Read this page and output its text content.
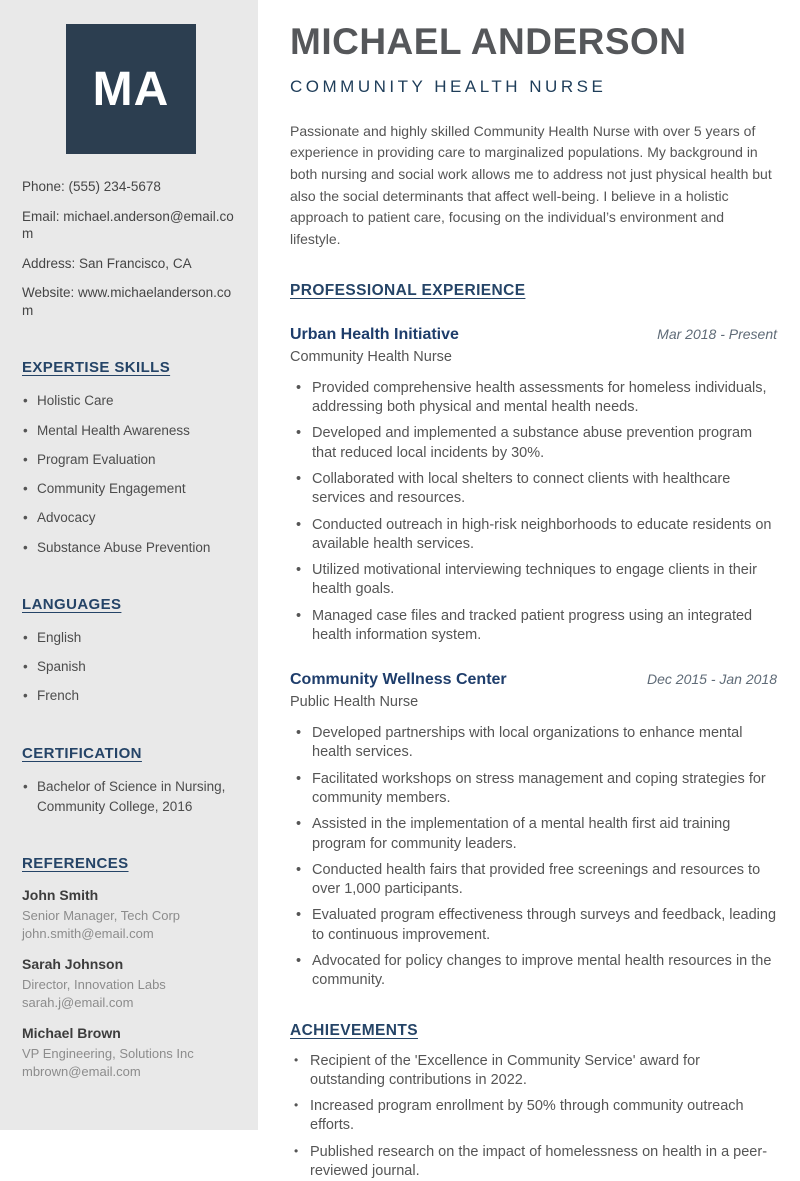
MA
Phone: (555) 234-5678
Email: michael.anderson@email.com
Address: San Francisco, CA
Website: www.michaelanderson.com
EXPERTISE SKILLS
• Holistic Care
• Mental Health Awareness
• Program Evaluation
• Community Engagement
• Advocacy
• Substance Abuse Prevention
LANGUAGES
• English
• Spanish
• French
CERTIFICATION
• Bachelor of Science in Nursing, Community College, 2016
REFERENCES
John Smith
Senior Manager, Tech Corp
john.smith@email.com
Sarah Johnson
Director, Innovation Labs
sarah.j@email.com
Michael Brown
VP Engineering, Solutions Inc
mbrown@email.com
MICHAEL ANDERSON
COMMUNITY HEALTH NURSE

Passionate and highly skilled Community Health Nurse with over 5 years of experience in providing care to marginalized populations. My background in both nursing and social work allows me to address not just physical health but also the social determinants that affect well-being. I believe in a holistic approach to patient care, focusing on the individual’s environment and lifestyle.

PROFESSIONAL EXPERIENCE
Urban Health Initiative	Mar 2018 - Present
Community Health Nurse
• Provided comprehensive health assessments for homeless individuals, addressing both physical and mental health needs.
• Developed and implemented a substance abuse prevention program that reduced local incidents by 30%.
• Collaborated with local shelters to connect clients with healthcare services and resources.
• Conducted outreach in high-risk neighborhoods to educate residents on available health services.
• Utilized motivational interviewing techniques to engage clients in their health goals.
• Managed case files and tracked patient progress using an integrated health information system.
Community Wellness Center	Dec 2015 - Jan 2018
Public Health Nurse
• Developed partnerships with local organizations to enhance mental health services.
• Facilitated workshops on stress management and coping strategies for community members.
• Assisted in the implementation of a mental health first aid training program for community leaders.
• Conducted health fairs that provided free screenings and resources to over 1,000 participants.
• Evaluated program effectiveness through surveys and feedback, leading to continuous improvement.
• Advocated for policy changes to improve mental health resources in the community.
ACHIEVEMENTS
• Recipient of the 'Excellence in Community Service' award for outstanding contributions in 2022.
• Increased program enrollment by 50% through community outreach efforts.
• Published research on the impact of homelessness on health in a peer-reviewed journal.
